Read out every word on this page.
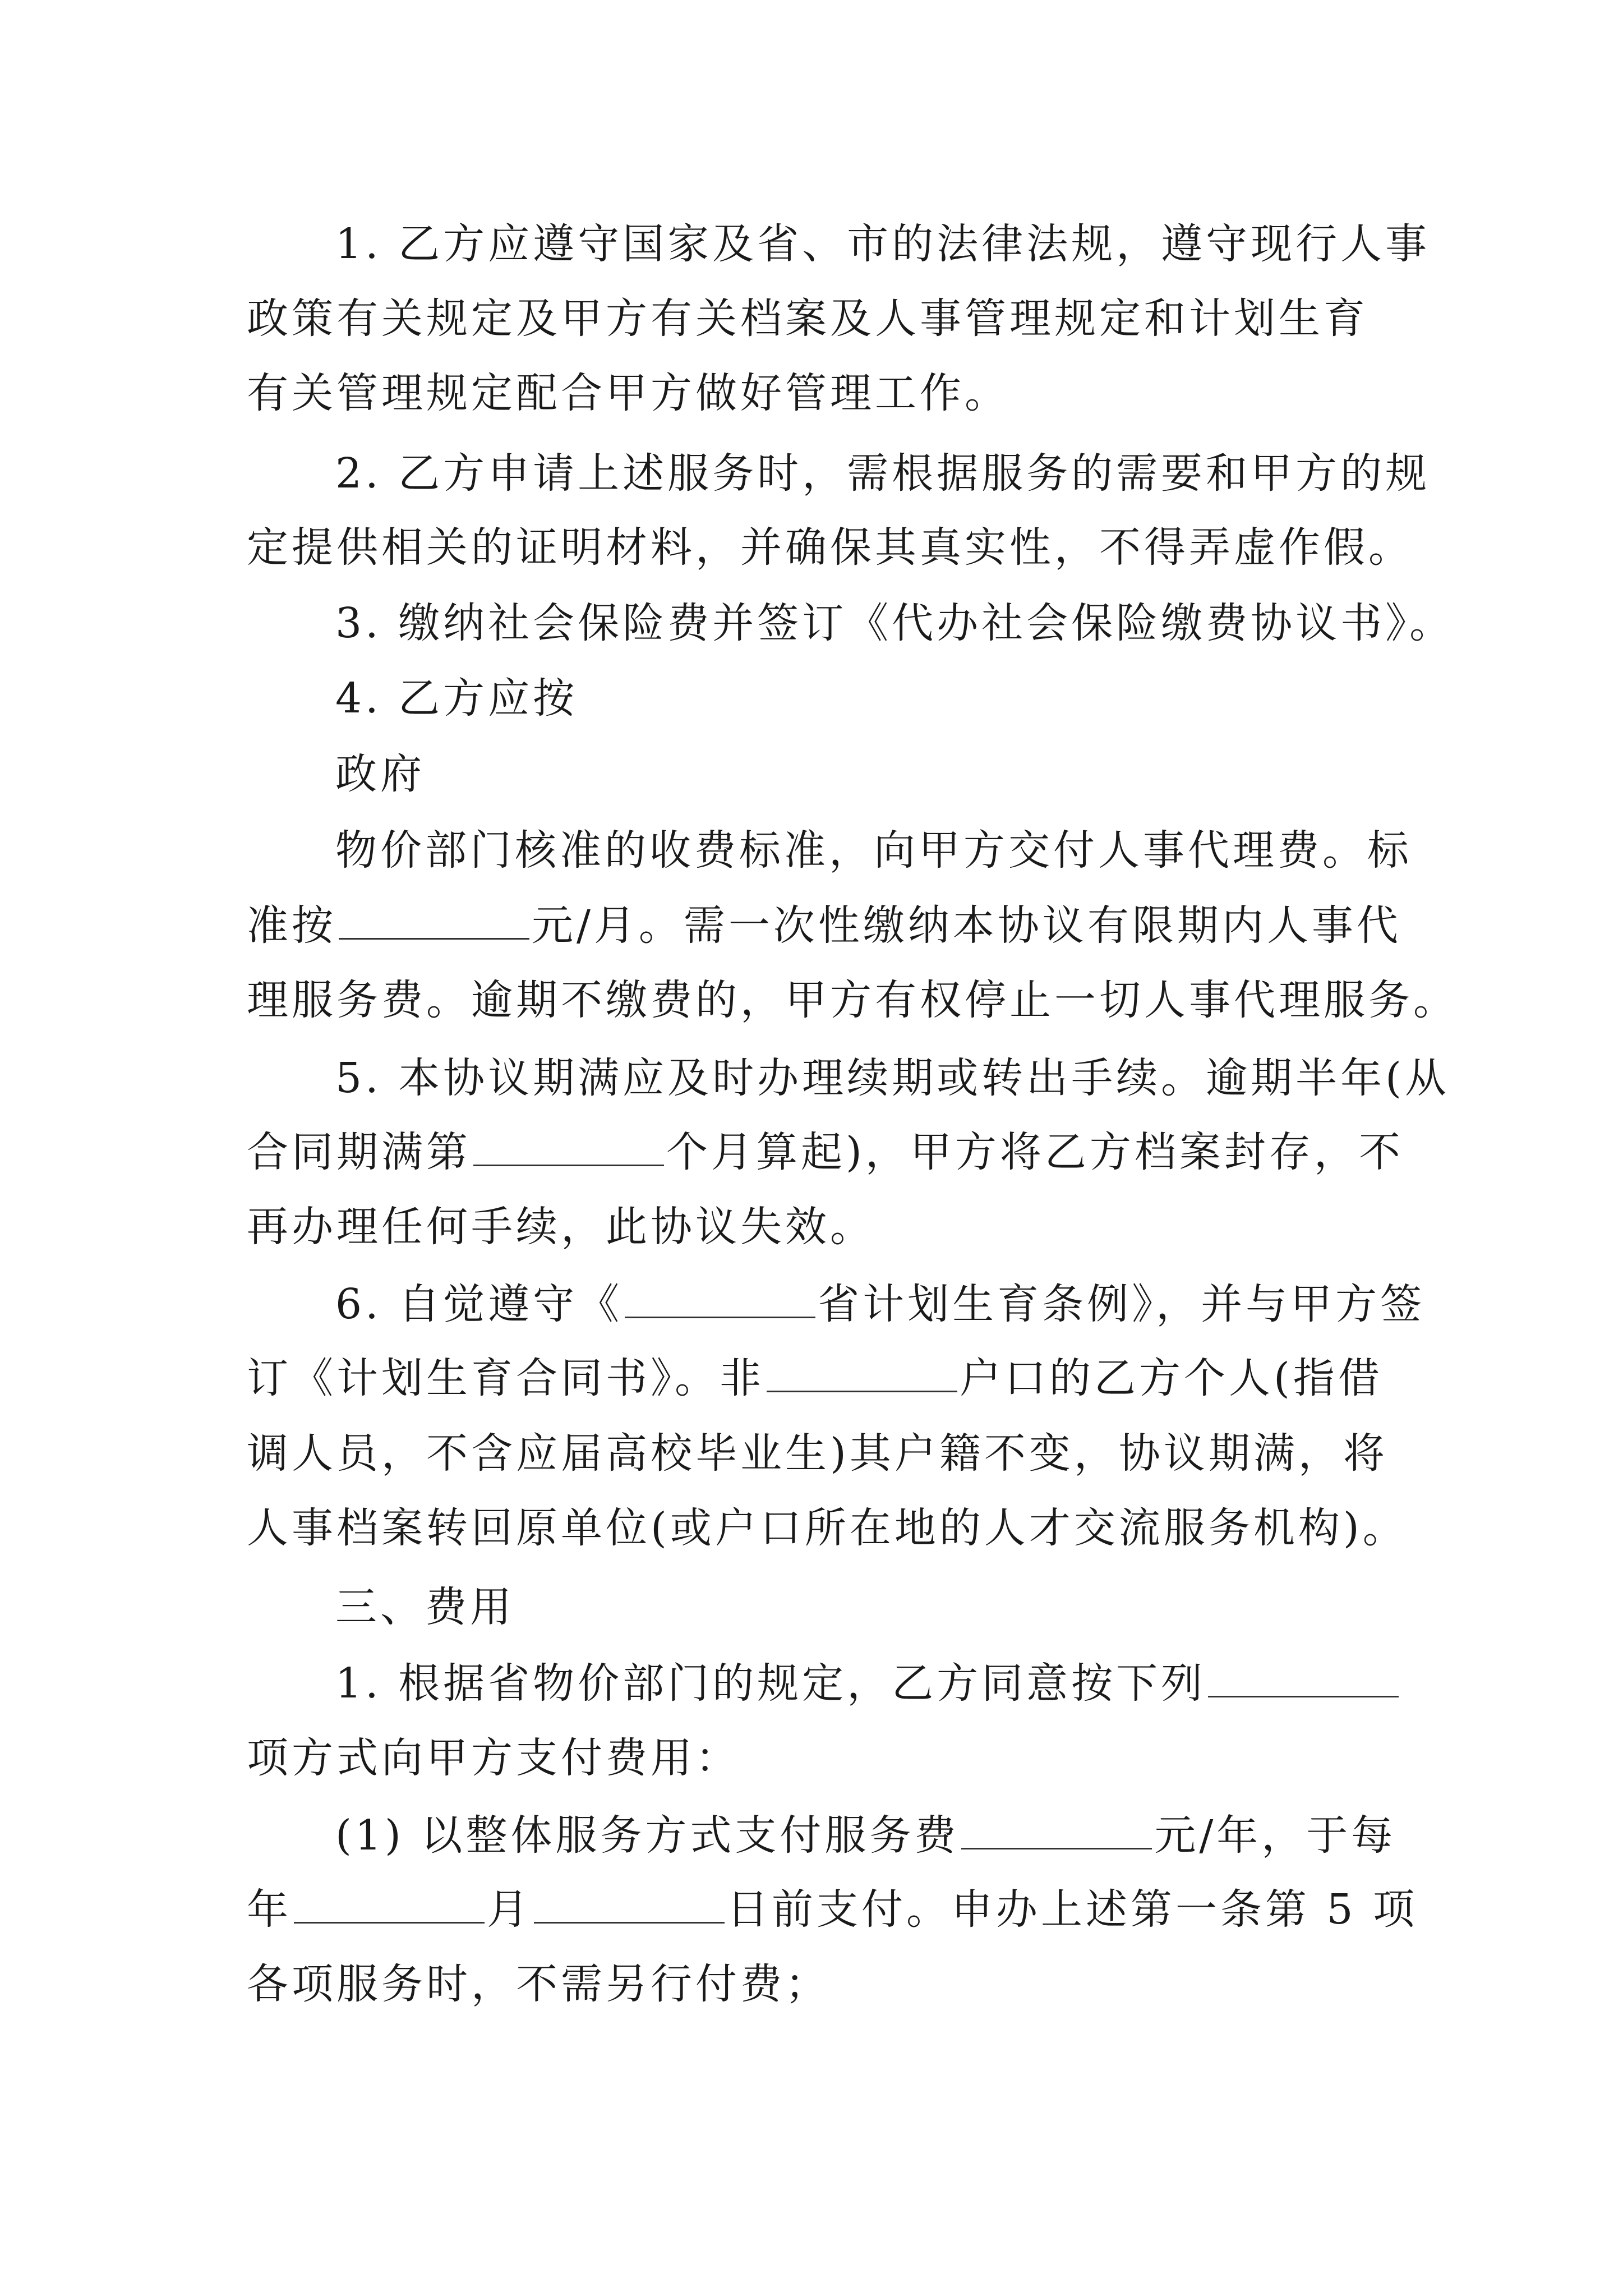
1. 乙方应遵守国家及省、市的法律法规，遵守现行人事
政策有关规定及甲方有关档案及人事管理规定和计划生育
有关管理规定配合甲方做好管理工作。
2. 乙方申请上述服务时，需根据服务的需要和甲方的规
定提供相关的证明材料，并确保其真实性，不得弄虚作假。
3. 缴纳社会保险费并签订《代办社会保险缴费协议书》。
4. 乙方应按
政府
物价部门核准的收费标准，向甲方交付人事代理费。标
准按	元/月。需一次性缴纳本协议有限期内人事代
理服务费。逾期不缴费的，甲方有权停止一切人事代理服务。
5. 本协议期满应及时办理续期或转出手续。逾期半年(从
合同期满第	个月算起)，甲方将乙方档案封存，不
再办理任何手续，此协议失效。
6. 自觉遵守《	省计划生育条例》，并与甲方签
订《计划生育合同书》。非	户口的乙方个人(指借
调人员，不含应届高校毕业生)其户籍不变，协议期满，将
人事档案转回原单位(或户口所在地的人才交流服务机构)。
三、费用
1. 根据省物价部门的规定，乙方同意按下列
项方式向甲方支付费用：
(1) 以整体服务方式支付服务费	元/年，于每
年	月	日前支付。申办上述第一条第 5 项
各项服务时，不需另行付费；
